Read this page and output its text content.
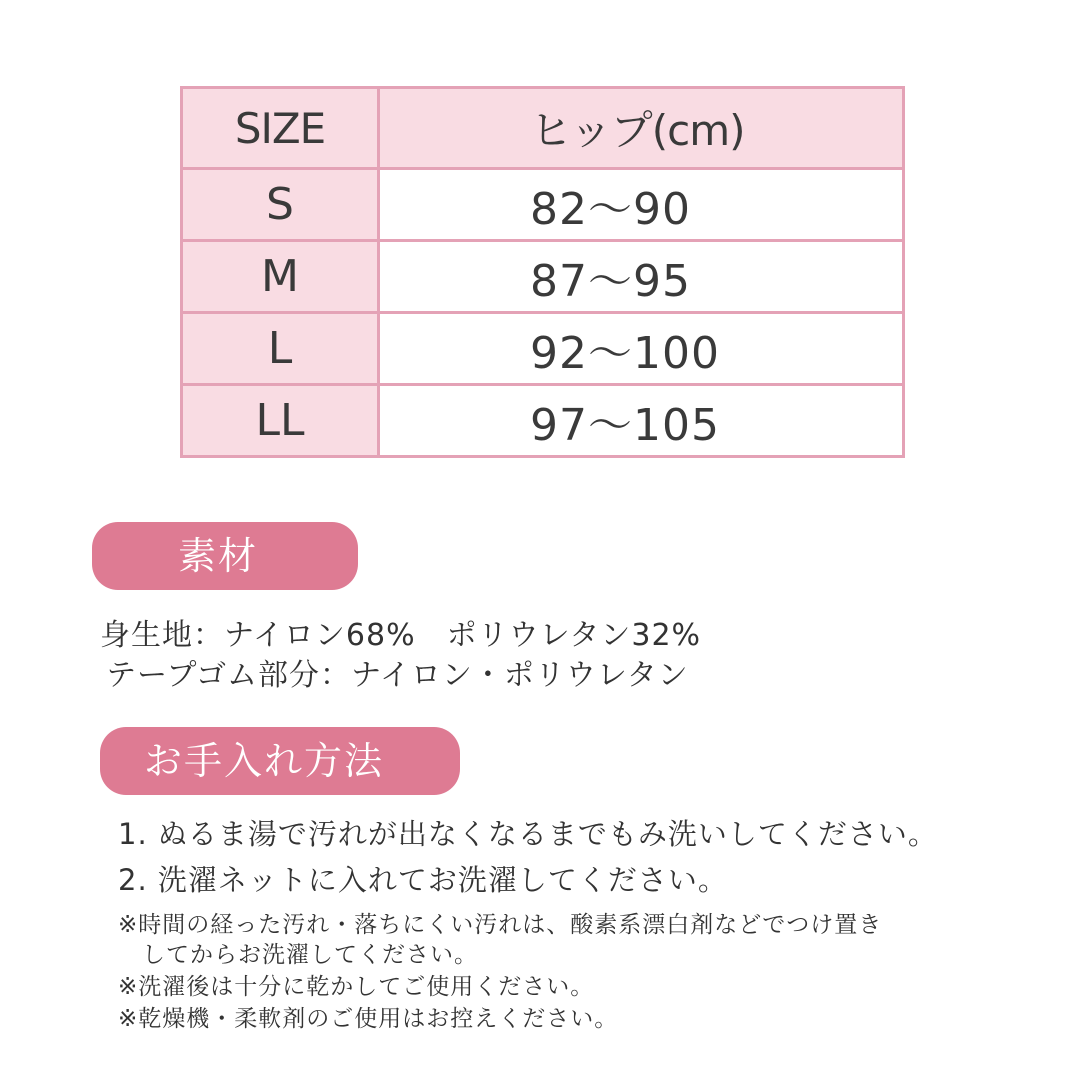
SIZE	ヒップ(cm)
S	82〜90
M	87〜95
L	92〜100
LL	97〜105
素材
身生地：ナイロン68%　ポリウレタン32%
テープゴム部分：ナイロン・ポリウレタン
お手入れ方法
1. ぬるま湯で汚れが出なくなるまでもみ洗いしてください。
2. 洗濯ネットに入れてお洗濯してください。
※時間の経った汚れ・落ちにくい汚れは、酸素系漂白剤などでつけ置き
してからお洗濯してください。
※洗濯後は十分に乾かしてご使用ください。
※乾燥機・柔軟剤のご使用はお控えください。
